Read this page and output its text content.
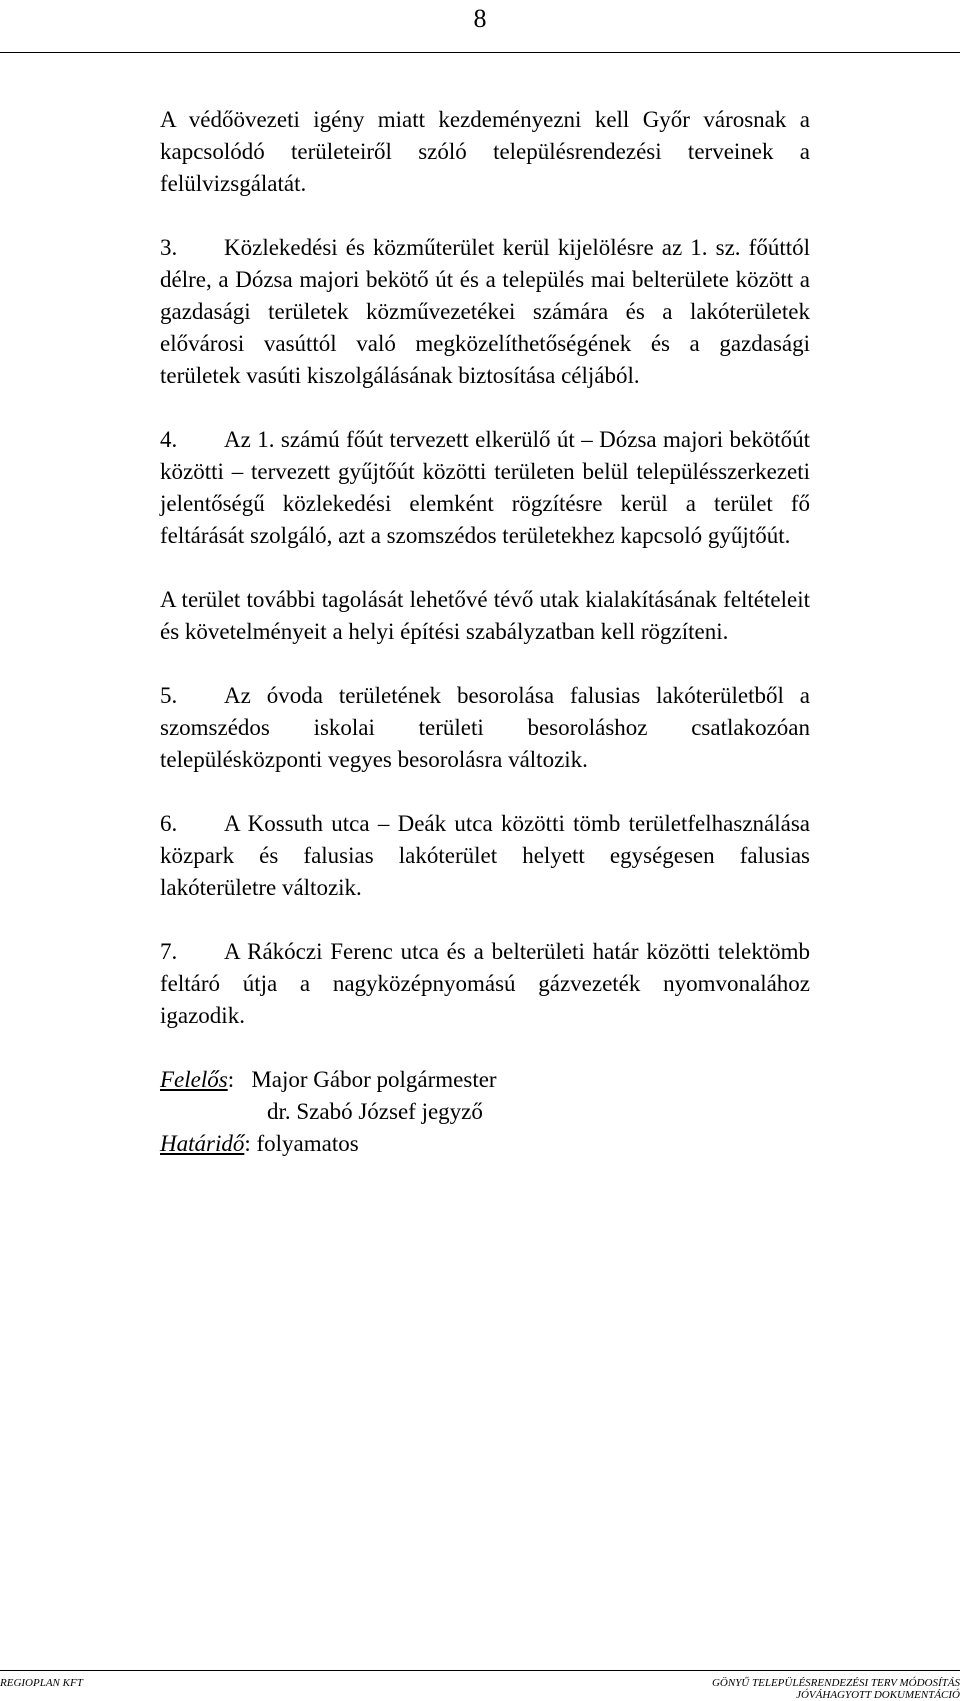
8

A védőövezeti igény miatt kezdeményezni kell Győr városnak a kapcsolódó területeiről szóló településrendezési terveinek a felülvizsgálatát.

3. Közlekedési és közműterület kerül kijelölésre az 1. sz. főúttól délre, a Dózsa majori bekötő út és a település mai belterülete között a gazdasági területek közművezetékei számára és a lakóterületek elővárosi vasúttól való megközelíthetőségének és a gazdasági területek vasúti kiszolgálásának biztosítása céljából.

4. Az 1. számú főút tervezett elkerülő út – Dózsa majori bekötőút közötti – tervezett gyűjtőút közötti területen belül településszerkezeti jelentőségű közlekedési elemként rögzítésre kerül a terület fő feltárását szolgáló, azt a szomszédos területekhez kapcsoló gyűjtőút.

A terület további tagolását lehetővé tévő utak kialakításának feltételeit és követelményeit a helyi építési szabályzatban kell rögzíteni.

5. Az óvoda területének besorolása falusias lakóterületből a szomszédos iskolai területi besoroláshoz csatlakozóan településközponti vegyes besorolásra változik.

6. A Kossuth utca – Deák utca közötti tömb területfelhasználása közpark és falusias lakóterület helyett egységesen falusias lakóterületre változik.

7. A Rákóczi Ferenc utca és a belterületi határ közötti telektömb feltáró útja a nagyközépnyomású gázvezeték nyomvonalához igazodik.

Felelős: Major Gábor polgármester
dr. Szabó József jegyző
Határidő: folyamatos
REGIOPLAN KFT	GÖNYŰ TELEPÜLÉSRENDEZÉSI TERV MÓDOSÍTÁS
JÓVÁHAGYOTT DOKUMENTÁCIÓ
